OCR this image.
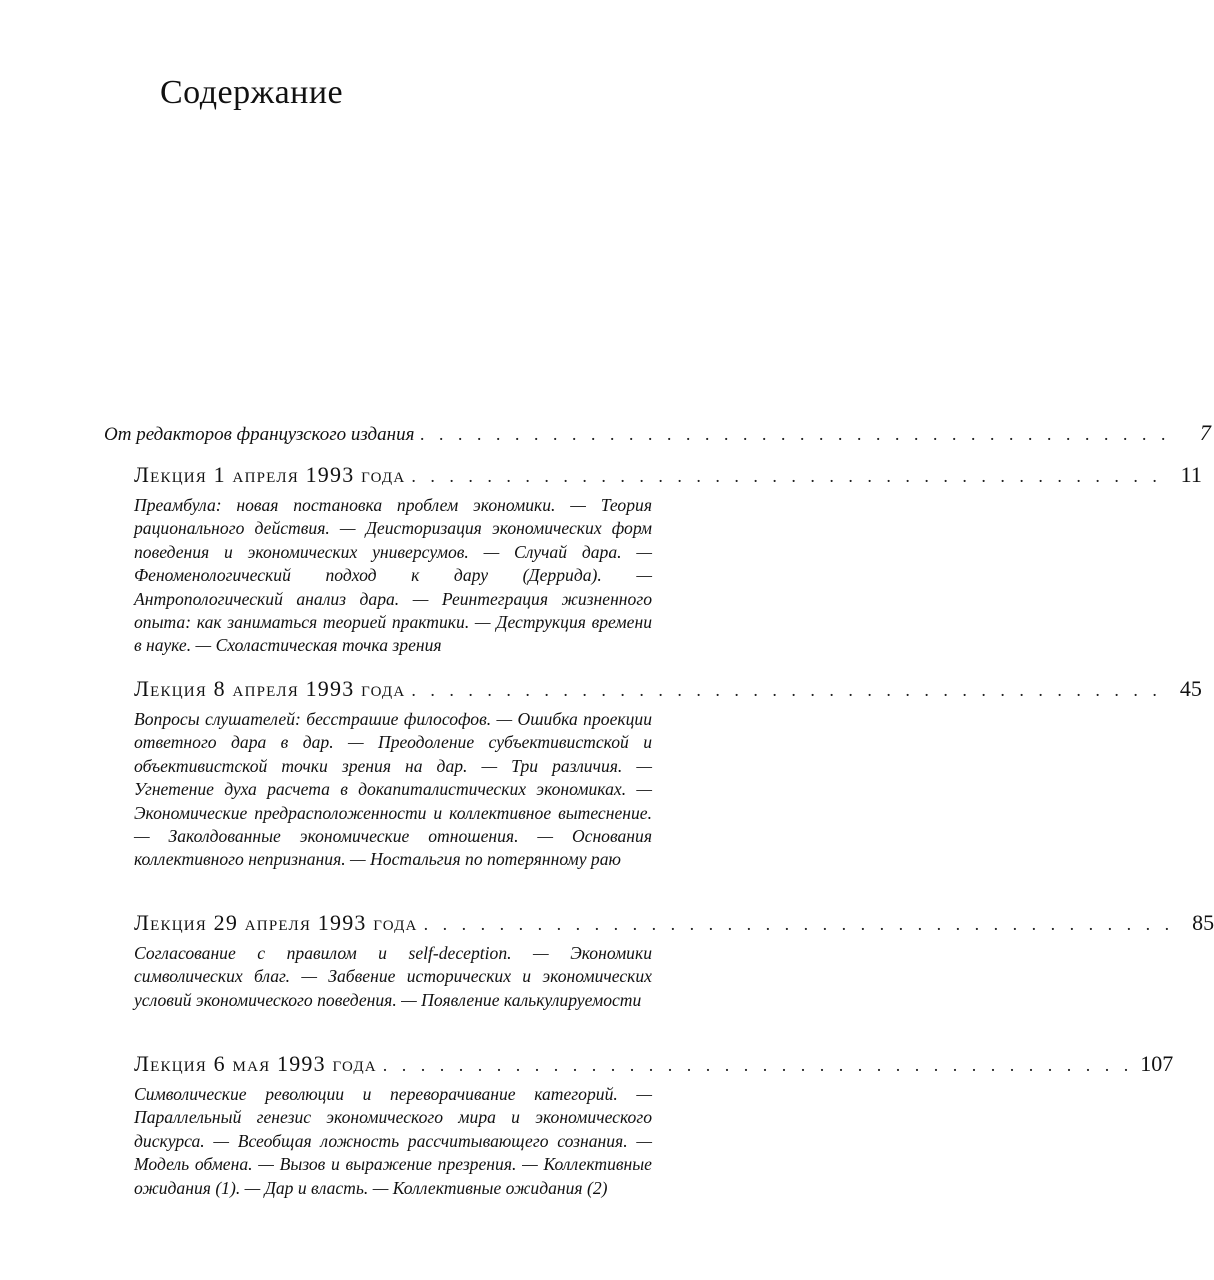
Содержание
От редакторов французского издания . . . . . . . . . . . . . . . . . . . . . . . . . . . . . . . . . . . . . . . .	7
Лекция 1 апреля 1993 года . . . . . . . . . . . . . . . . . . . . . . . . . . . . . . . . . . . . . . . . 11

Преамбула: новая постановка проблем экономики. — Теория рационального действия. — Деисторизация экономических форм поведения и экономических универсумов. — Случай дара. — Феноменологический подход к дару (Деррида). — Антропологический анализ дара. — Реинтеграция жизненного опыта: как заниматься теорией практики. — Деструкция времени в науке. — Схоластическая точка зрения

Лекция 8 апреля 1993 года . . . . . . . . . . . . . . . . . . . . . . . . . . . . . . . . . . . . . . . . 45

Вопросы слушателей: бесстрашие философов. — Ошибка проекции ответного дара в дар. — Преодоление субъективистской и объективистской точки зрения на дар. — Три различия. — Угнетение духа расчета в докапиталистических экономиках. — Экономические предрасположенности и коллективное вытеснение. — Заколдованные экономические отношения. — Основания коллективного непризнания. — Ностальгия по потерянному раю

Лекция 29 апреля 1993 года . . . . . . . . . . . . . . . . . . . . . . . . . . . . . . . . . . . . . . . . 85

Согласование с правилом и self-deception. — Экономики символических благ. — Забвение исторических и экономических условий экономического поведения. — Появление калькулируемости

Лекция 6 мая 1993 года . . . . . . . . . . . . . . . . . . . . . . . . . . . . . . . . . . . . . . . . 107

Символические революции и переворачивание категорий. — Параллельный генезис экономического мира и экономического дискурса. — Всеобщая ложность рассчитывающего сознания. — Модель обмена. — Вызов и выражение презрения. — Коллективные ожидания (1). — Дар и власть. — Коллективные ожидания (2)
